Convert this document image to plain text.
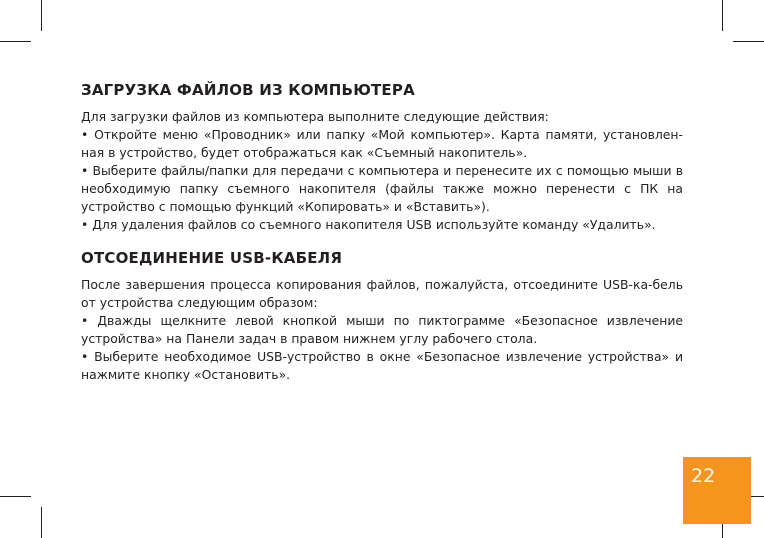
ЗАГРУЗКА ФАЙЛОВ ИЗ КОМПЬЮТЕРА

Для загрузки файлов из компьютера выполните следующие действия:

• Откройте меню «Проводник» или папку «Мой компьютер». Карта памяти, установлен-ная в устройство, будет отображаться как «Съемный накопитель».

• Выберите файлы/папки для передачи с компьютера и перенесите их с помощью мыши в необходимую папку съемного накопителя (файлы также можно перенести с ПК на устройство с помощью функций «Копировать» и «Вставить»).

• Для удаления файлов со съемного накопителя USB используйте команду «Удалить».

ОТСОЕДИНЕНИЕ USB-КАБЕЛЯ

После завершения процесса копирования файлов, пожалуйста, отсоедините USB-ка-бель от устройства следующим образом:

• Дважды щелкните левой кнопкой мыши по пиктограмме «Безопасное извлечение устройства» на Панели задач в правом нижнем углу рабочего стола.

• Выберите необходимое USB-устройство в окне «Безопасное извлечение устройства» и нажмите кнопку «Остановить».

22
